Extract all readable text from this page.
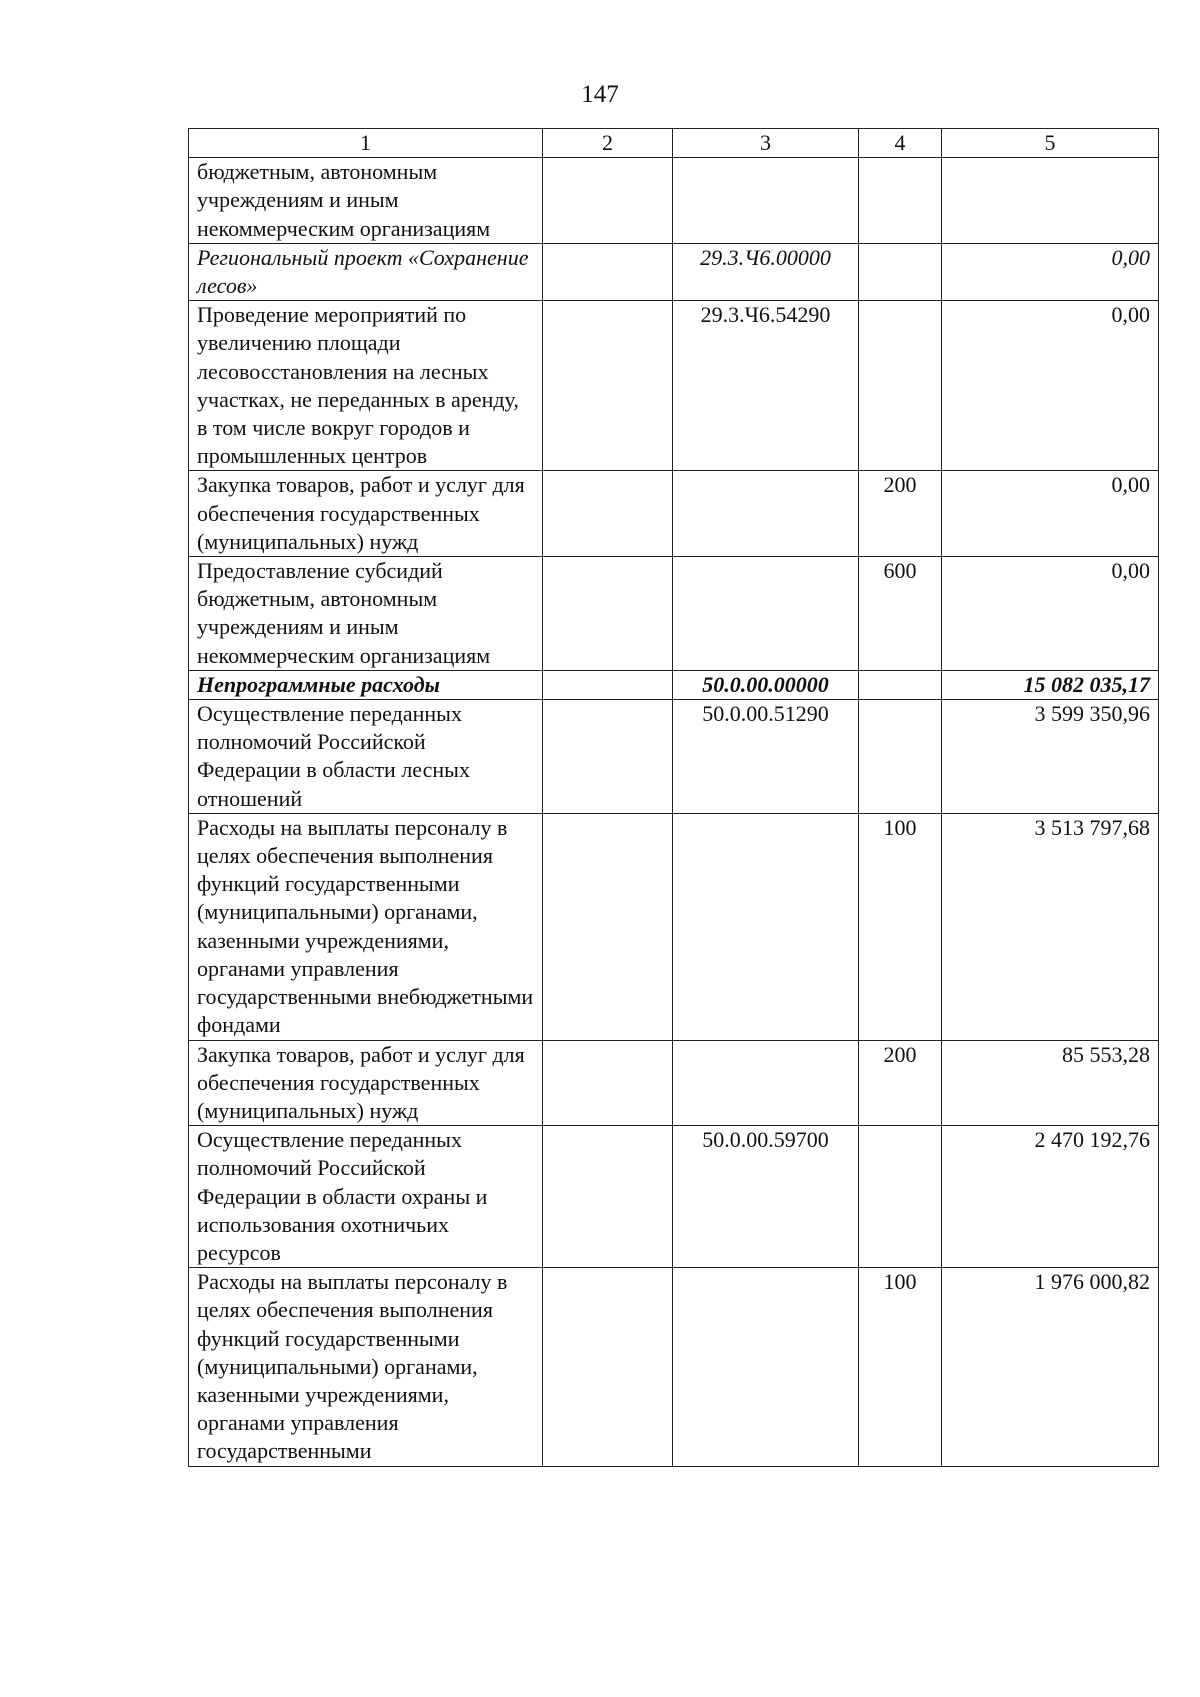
147
1	2	3	4	5
бюджетным, автономным учреждениям и иным некоммерческим организациям				
Региональный проект «Сохранение лесов»		29.3.Ч6.00000		0,00
Проведение мероприятий по увеличению площади лесовосстановления на лесных участках, не переданных в аренду, в том числе вокруг городов и промышленных центров		29.3.Ч6.54290		0,00
Закупка товаров, работ и услуг для обеспечения государственных (муниципальных) нужд			200	0,00
Предоставление субсидий бюджетным, автономным учреждениям и иным некоммерческим организациям			600	0,00
Непрограммные расходы		50.0.00.00000		15 082 035,17
Осуществление переданных полномочий Российской Федерации в области лесных отношений		50.0.00.51290		3 599 350,96
Расходы на выплаты персоналу в целях обеспечения выполнения функций государственными (муниципальными) органами, казенными учреждениями, органами управления государственными внебюджетными фондами			100	3 513 797,68
Закупка товаров, работ и услуг для обеспечения государственных (муниципальных) нужд			200	85 553,28
Осуществление переданных полномочий Российской Федерации в области охраны и использования охотничьих ресурсов		50.0.00.59700		2 470 192,76
Расходы на выплаты персоналу в целях обеспечения выполнения функций государственными (муниципальными) органами, казенными учреждениями, органами управления государственными			100	1 976 000,82
